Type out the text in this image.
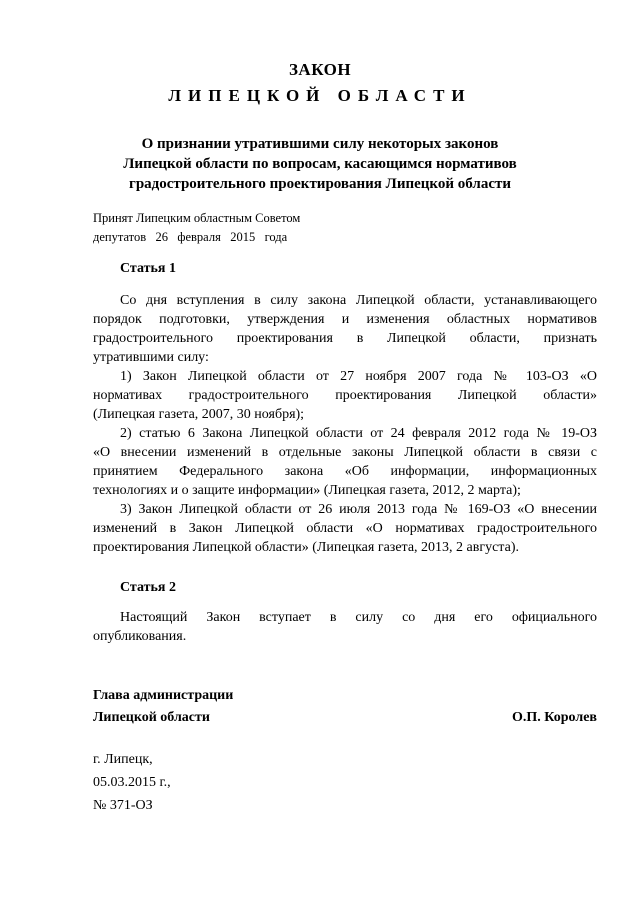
ЗАКОН
ЛИПЕЦКОЙ ОБЛАСТИ
О признании утратившими силу некоторых законов
Липецкой области по вопросам, касающимся нормативов
градостроительного проектирования Липецкой области
Принят Липецким областным Советом
депутатов   26   февраля   2015   года
Статья 1
Со дня вступления в силу закона Липецкой области, устанавливающего
порядок подготовки, утверждения и изменения областных нормативов
градостроительного проектирования в Липецкой области, признать
утратившими силу:
1) Закон Липецкой области от 27 ноября 2007 года № 103-ОЗ «О
нормативах градостроительного проектирования Липецкой области»
(Липецкая газета, 2007, 30 ноября);
2) статью 6 Закона Липецкой области от 24 февраля 2012 года № 19-ОЗ
«О внесении изменений в отдельные законы Липецкой области в связи с
принятием Федерального закона «Об информации, информационных
технологиях и о защите информации» (Липецкая газета, 2012, 2 марта);
3) Закон Липецкой области от 26 июля 2013 года № 169-ОЗ «О внесении
изменений в Закон Липецкой области «О нормативах градостроительного
проектирования Липецкой области» (Липецкая газета, 2013, 2 августа).
Статья 2
Настоящий Закон вступает в силу со дня его официального
опубликования.
Глава администрации
Липецкой области	О.П. Королев
г. Липецк,
05.03.2015 г.,
№ 371-ОЗ
